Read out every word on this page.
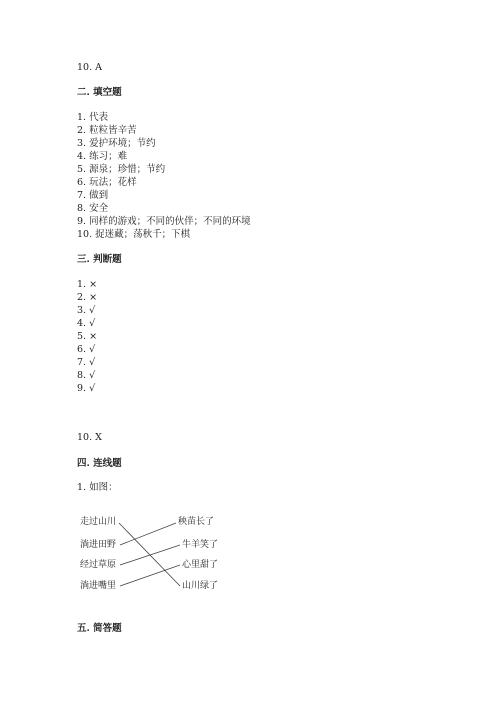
10. A
二. 填空题
1. 代表
2. 粒粒皆辛苦
3. 爱护环境；节约
4. 练习；难
5. 源泉；珍惜；节约
6. 玩法；花样
7. 做到
8. 安全
9. 同样的游戏；不同的伙伴；不同的环境
10. 捉迷藏；荡秋千；下棋
三. 判断题
1. ×
2. ×
3. √
4. √
5. ×
6. √
7. √
8. √
9. √
10. X
四. 连线题
1. 如图：
走过山川
淌进田野
经过草原
淌进嘴里
秧苗长了
牛羊笑了
心里甜了
山川绿了
五. 简答题
